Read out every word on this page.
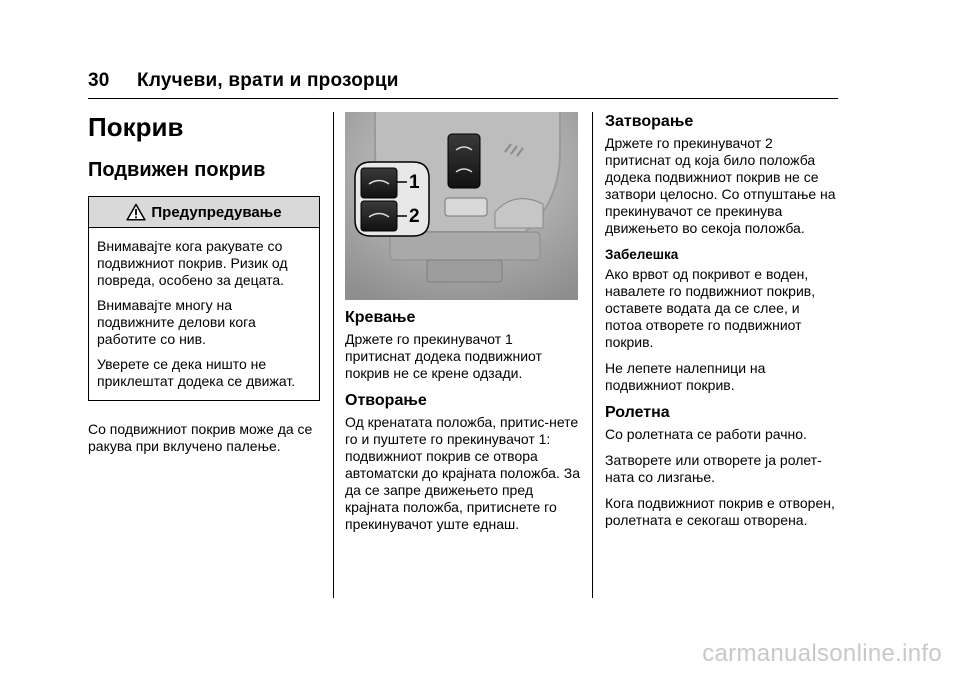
30 Клучеви, врати и прозорци
Покрив
Подвижен покрив
Предупредување

Внимавајте кога ракувате со подвижниот покрив. Ризик од повреда, особено за децата.

Внимавајте многу на подвижните делови кога работите со нив.

Уверете се дека ништо не приклештат додека се движат.

Со подвижниот покрив може да се ракува при вклучено палење.

1
2
Кревање

Држете го прекинувачот 1 притиснат додека подвижниот покрив не се крене одзади.

Отворање

Од кренатата положба, притис-нете го и пуштете го прекинувачот 1: подвижниот покрив се отвора автоматски до крајната положба. За да се запре движењето пред крајната положба, притиснете го прекинувачот уште еднаш.

Затворање

Држете го прекинувачот 2 притиснат од која било положба додека подвижниот покрив не се затвори целосно. Со отпуштање на прекинувачот се прекинува движењето во секоја положба.

Забелешка

Ако врвот од покривот е воден, навалете го подвижниот покрив, оставете водата да се слее, и потоа отворете го подвижниот покрив.

Не лепете налепници на подвижниот покрив.

Ролетна

Со ролетната се работи рачно.

Затворете или отворете ја ролет-ната со лизгање.

Кога подвижниот покрив е отворен, ролетната е секогаш отворена.

carmanualsonline.info
